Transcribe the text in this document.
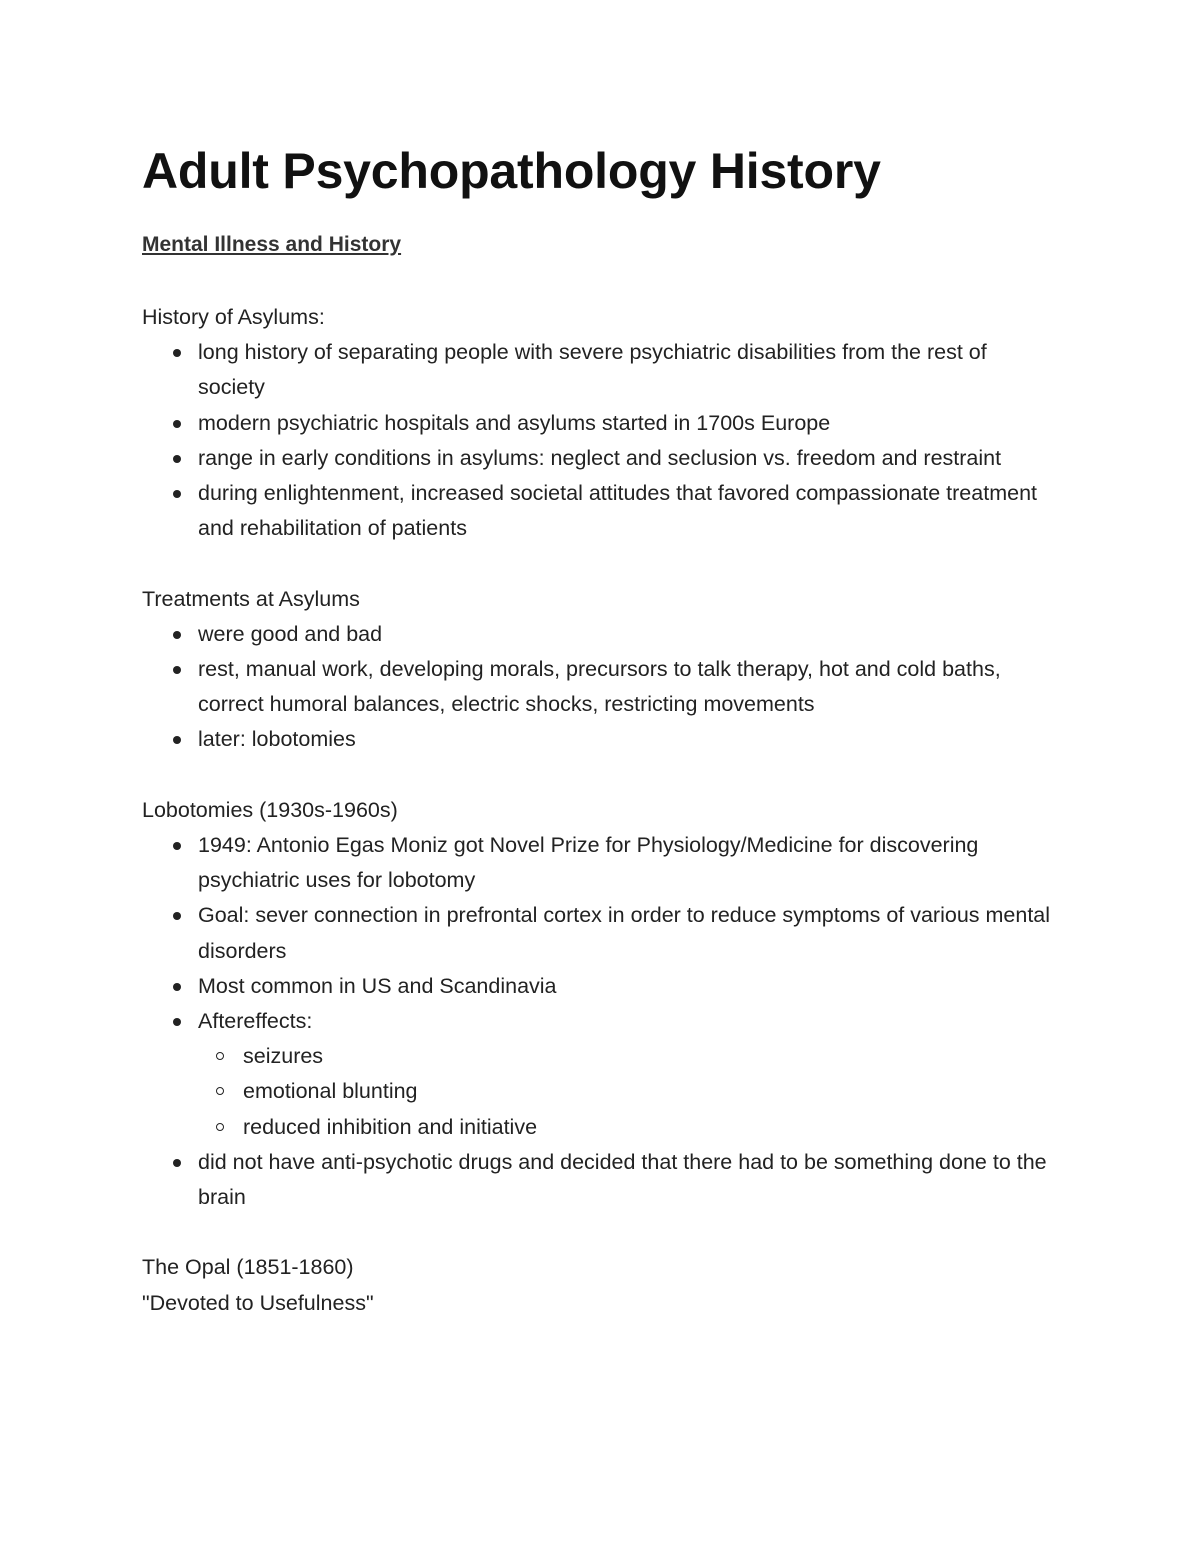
Adult Psychopathology History

Mental Illness and History

History of Asylums:

long history of separating people with severe psychiatric disabilities from the rest of society
modern psychiatric hospitals and asylums started in 1700s Europe
range in early conditions in asylums: neglect and seclusion vs. freedom and restraint
during enlightenment, increased societal attitudes that favored compassionate treatment and rehabilitation of patients

Treatments at Asylums

were good and bad
rest, manual work, developing morals, precursors to talk therapy, hot and cold baths, correct humoral balances, electric shocks, restricting movements
later: lobotomies

Lobotomies (1930s-1960s)

1949: Antonio Egas Moniz got Novel Prize for Physiology/Medicine for discovering psychiatric uses for lobotomy
Goal: sever connection in prefrontal cortex in order to reduce symptoms of various mental disorders
Most common in US and Scandinavia
Aftereffects:
seizures
emotional blunting
reduced inhibition and initiative
did not have anti-psychotic drugs and decided that there had to be something done to the brain

The Opal (1851-1860)

"Devoted to Usefulness"
